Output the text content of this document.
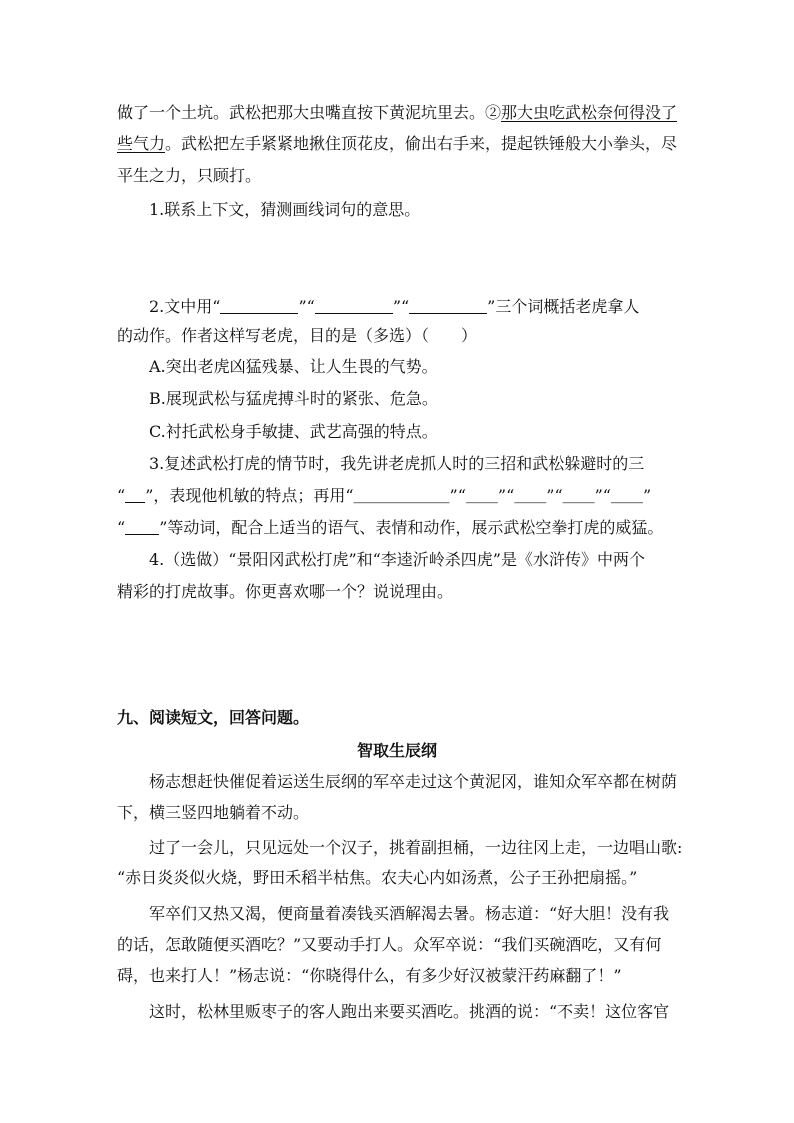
做了一个土坑。武松把那大虫嘴直按下黄泥坑里去。②那大虫吃武松奈何得没了
些气力。武松把左手紧紧地揪住顶花皮，偷出右手来，提起铁锤般大小拳头，尽
平生之力，只顾打。
1.联系上下文，猜测画线词句的意思。
2.文中用“	”“	”“	”三个词概括老虎拿人
的动作。作者这样写老虎，目的是（多选）（　　）
A.突出老虎凶猛残暴、让人生畏的气势。
B.展现武松与猛虎搏斗时的紧张、危急。
C.衬托武松身手敏捷、武艺高强的特点。
3.复述武松打虎的情节时，我先讲老虎抓人时的三招和武松躲避时的三
“ ”，表现他机敏的特点；再用“＿＿＿＿＿＿”“＿＿”“＿＿”“＿＿”“＿＿”
“ ”等动词，配合上适当的语气、表情和动作，展示武松空拳打虎的威猛。
4.（选做）“景阳冈武松打虎”和“李逵沂岭杀四虎”是《水浒传》中两个
精彩的打虎故事。你更喜欢哪一个？说说理由。
九、阅读短文，回答问题。
智取生辰纲
杨志想赶快催促着运送生辰纲的军卒走过这个黄泥冈，谁知众军卒都在树荫
下，横三竖四地躺着不动。
过了一会儿，只见远处一个汉子，挑着副担桶，一边往冈上走，一边唱山歌:
“赤日炎炎似火烧，野田禾稻半枯焦。农夫心内如汤煮，公子王孙把扇摇。”
军卒们又热又渴，便商量着凑钱买酒解渴去暑。杨志道：“好大胆！没有我
的话，怎敢随便买酒吃？”又要动手打人。众军卒说：“我们买碗酒吃，又有何
碍，也来打人！”杨志说：“你晓得什么，有多少好汉被蒙汗药麻翻了！”
这时，松林里贩枣子的客人跑出来要买酒吃。挑酒的说：“不卖！这位客官
